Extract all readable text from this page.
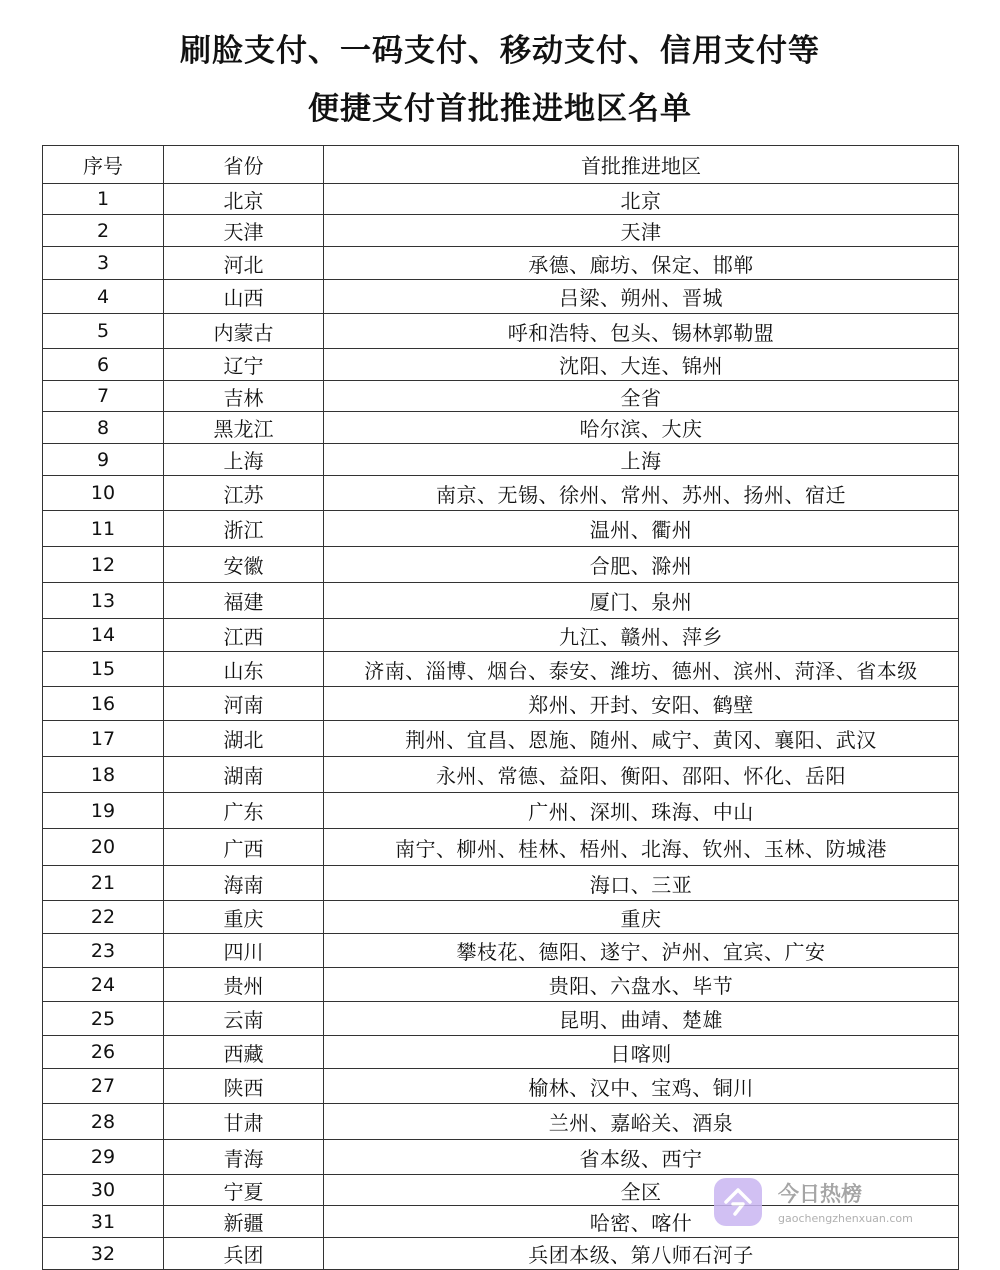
刷脸支付、一码支付、移动支付、信用支付等
便捷支付首批推进地区名单
序号	省份	首批推进地区
1	北京	北京
2	天津	天津
3	河北	承德、廊坊、保定、邯郸
4	山西	吕梁、朔州、晋城
5	内蒙古	呼和浩特、包头、锡林郭勒盟
6	辽宁	沈阳、大连、锦州
7	吉林	全省
8	黑龙江	哈尔滨、大庆
9	上海	上海
10	江苏	南京、无锡、徐州、常州、苏州、扬州、宿迁
11	浙江	温州、衢州
12	安徽	合肥、滁州
13	福建	厦门、泉州
14	江西	九江、赣州、萍乡
15	山东	济南、淄博、烟台、泰安、潍坊、德州、滨州、菏泽、省本级
16	河南	郑州、开封、安阳、鹤壁
17	湖北	荆州、宜昌、恩施、随州、咸宁、黄冈、襄阳、武汉
18	湖南	永州、常德、益阳、衡阳、邵阳、怀化、岳阳
19	广东	广州、深圳、珠海、中山
20	广西	南宁、柳州、桂林、梧州、北海、钦州、玉林、防城港
21	海南	海口、三亚
22	重庆	重庆
23	四川	攀枝花、德阳、遂宁、泸州、宜宾、广安
24	贵州	贵阳、六盘水、毕节
25	云南	昆明、曲靖、楚雄
26	西藏	日喀则
27	陕西	榆林、汉中、宝鸡、铜川
28	甘肃	兰州、嘉峪关、酒泉
29	青海	省本级、西宁
30	宁夏	全区
31	新疆	哈密、喀什
32	兵团	兵团本级、第八师石河子
今日热榜
gaochengzhenxuan.com
